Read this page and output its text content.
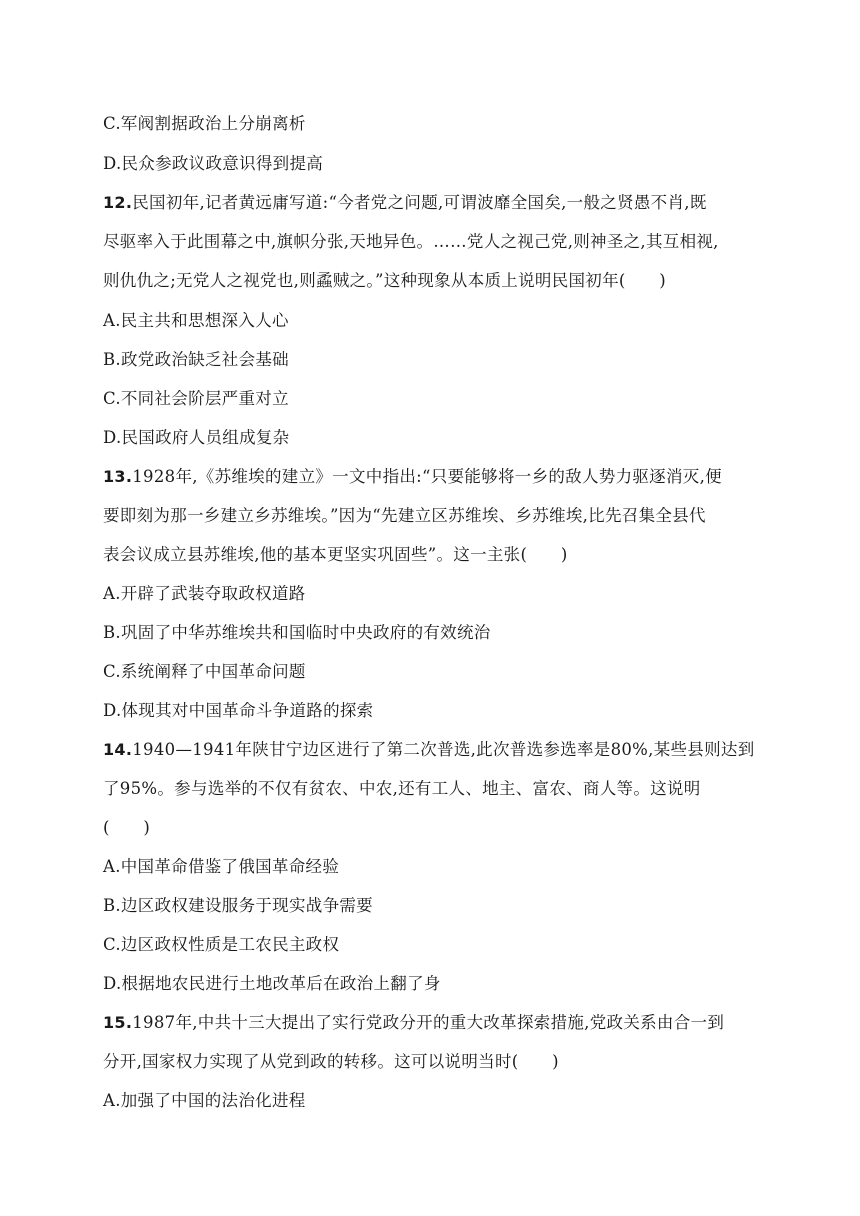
C.军阀割据政治上分崩离析
D.民众参政议政意识得到提高
12.民国初年,记者黄远庸写道:“今者党之问题,可谓波靡全国矣,一般之贤愚不肖,既
尽驱率入于此围幕之中,旗帜分张,天地异色。……党人之视己党,则神圣之,其互相视,
则仇仇之;无党人之视党也,则蟊贼之。”这种现象从本质上说明民国初年(　　)
A.民主共和思想深入人心
B.政党政治缺乏社会基础
C.不同社会阶层严重对立
D.民国政府人员组成复杂
13.1928年,《苏维埃的建立》一文中指出:“只要能够将一乡的敌人势力驱逐消灭,便
要即刻为那一乡建立乡苏维埃。”因为“先建立区苏维埃、乡苏维埃,比先召集全县代
表会议成立县苏维埃,他的基本更坚实巩固些”。这一主张(　　)
A.开辟了武装夺取政权道路
B.巩固了中华苏维埃共和国临时中央政府的有效统治
C.系统阐释了中国革命问题
D.体现其对中国革命斗争道路的探索
14.1940—1941年陕甘宁边区进行了第二次普选,此次普选参选率是80%,某些县则达到
了95%。参与选举的不仅有贫农、中农,还有工人、地主、富农、商人等。这说明
(　　)
A.中国革命借鉴了俄国革命经验
B.边区政权建设服务于现实战争需要
C.边区政权性质是工农民主政权
D.根据地农民进行土地改革后在政治上翻了身
15.1987年,中共十三大提出了实行党政分开的重大改革探索措施,党政关系由合一到
分开,国家权力实现了从党到政的转移。这可以说明当时(　　)
A.加强了中国的法治化进程
